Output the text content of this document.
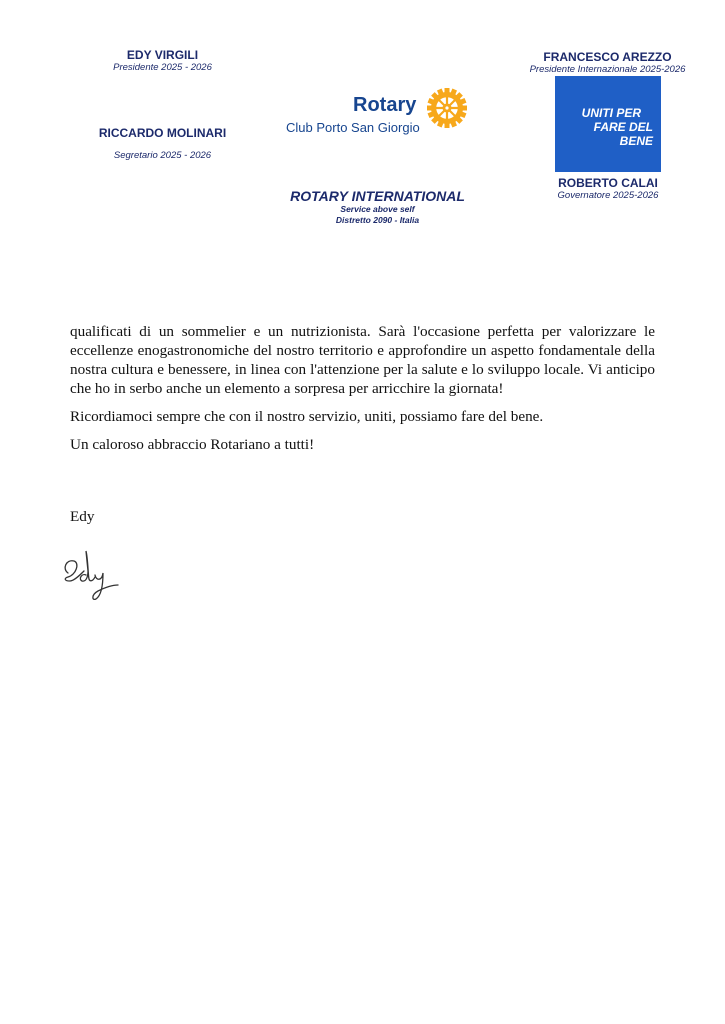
EDY VIRGILI
Presidente 2025 - 2026
RICCARDO MOLINARI
Segretario 2025 - 2026
Rotary
Club Porto San Giorgio
FRANCESCO AREZZO
Presidente Internazionale 2025-2026
UNITI PER
FARE DEL
BENE
ROBERTO CALAI
Governatore 2025-2026
ROTARY INTERNATIONAL
Service above self
Distretto 2090 - Italia

qualificati di un sommelier e un nutrizionista. Sarà l'occasione perfetta per valorizzare le eccellenze enogastronomiche del nostro territorio e approfondire un aspetto fondamentale della nostra cultura e benessere, in linea con l'attenzione per la salute e lo sviluppo locale. Vi anticipo che ho in serbo anche un elemento a sorpresa per arricchire la giornata!

Ricordiamoci sempre che con il nostro servizio, uniti, possiamo fare del bene.

Un caloroso abbraccio Rotariano a tutti!

Edy
